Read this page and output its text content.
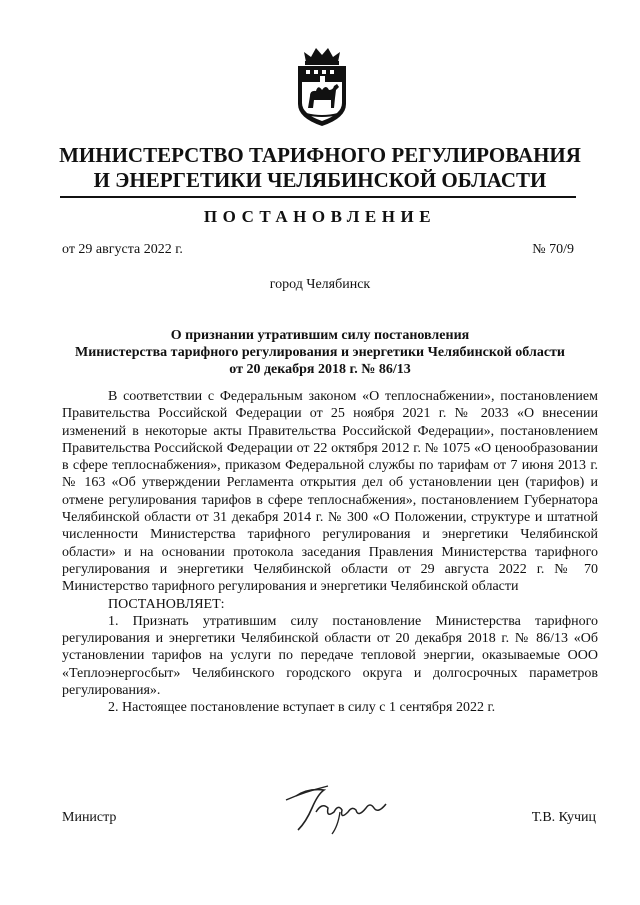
МИНИСТЕРСТВО ТАРИФНОГО РЕГУЛИРОВАНИЯ
И ЭНЕРГЕТИКИ ЧЕЛЯБИНСКОЙ ОБЛАСТИ
ПОСТАНОВЛЕНИЕ
от 29 августа 2022 г.	№ 70/9
город Челябинск
О признании утратившим силу постановления
Министерства тарифного регулирования и энергетики Челябинской области
от 20 декабря 2018 г. № 86/13

В соответствии с Федеральным законом «О теплоснабжении», постановлением Правительства Российской Федерации от 25 ноября 2021 г. № 2033 «О внесении изменений в некоторые акты Правительства Российской Федерации», постановлением Правительства Российской Федерации от 22 октября 2012 г. № 1075 «О ценообразовании в сфере теплоснабжения», приказом Федеральной службы по тарифам от 7 июня 2013 г. № 163 «Об утверждении Регламента открытия дел об установлении цен (тарифов) и отмене регулирования тарифов в сфере теплоснабжения», постановлением Губернатора Челябинской области от 31 декабря 2014 г. № 300 «О Положении, структуре и штатной численности Министерства тарифного регулирования и энергетики Челябинской области» и на основании протокола заседания Правления Министерства тарифного регулирования и энергетики Челябинской области от 29 августа 2022 г. № 70 Министерство тарифного регулирования и энергетики Челябинской области

ПОСТАНОВЛЯЕТ:

1. Признать утратившим силу постановление Министерства тарифного регулирования и энергетики Челябинской области от 20 декабря 2018 г. № 86/13 «Об установлении тарифов на услуги по передаче тепловой энергии, оказываемые ООО «Теплоэнергосбыт» Челябинского городского округа и долгосрочных параметров регулирования».

2. Настоящее постановление вступает в силу с 1 сентября 2022 г.

Министр	Т.В. Кучиц
